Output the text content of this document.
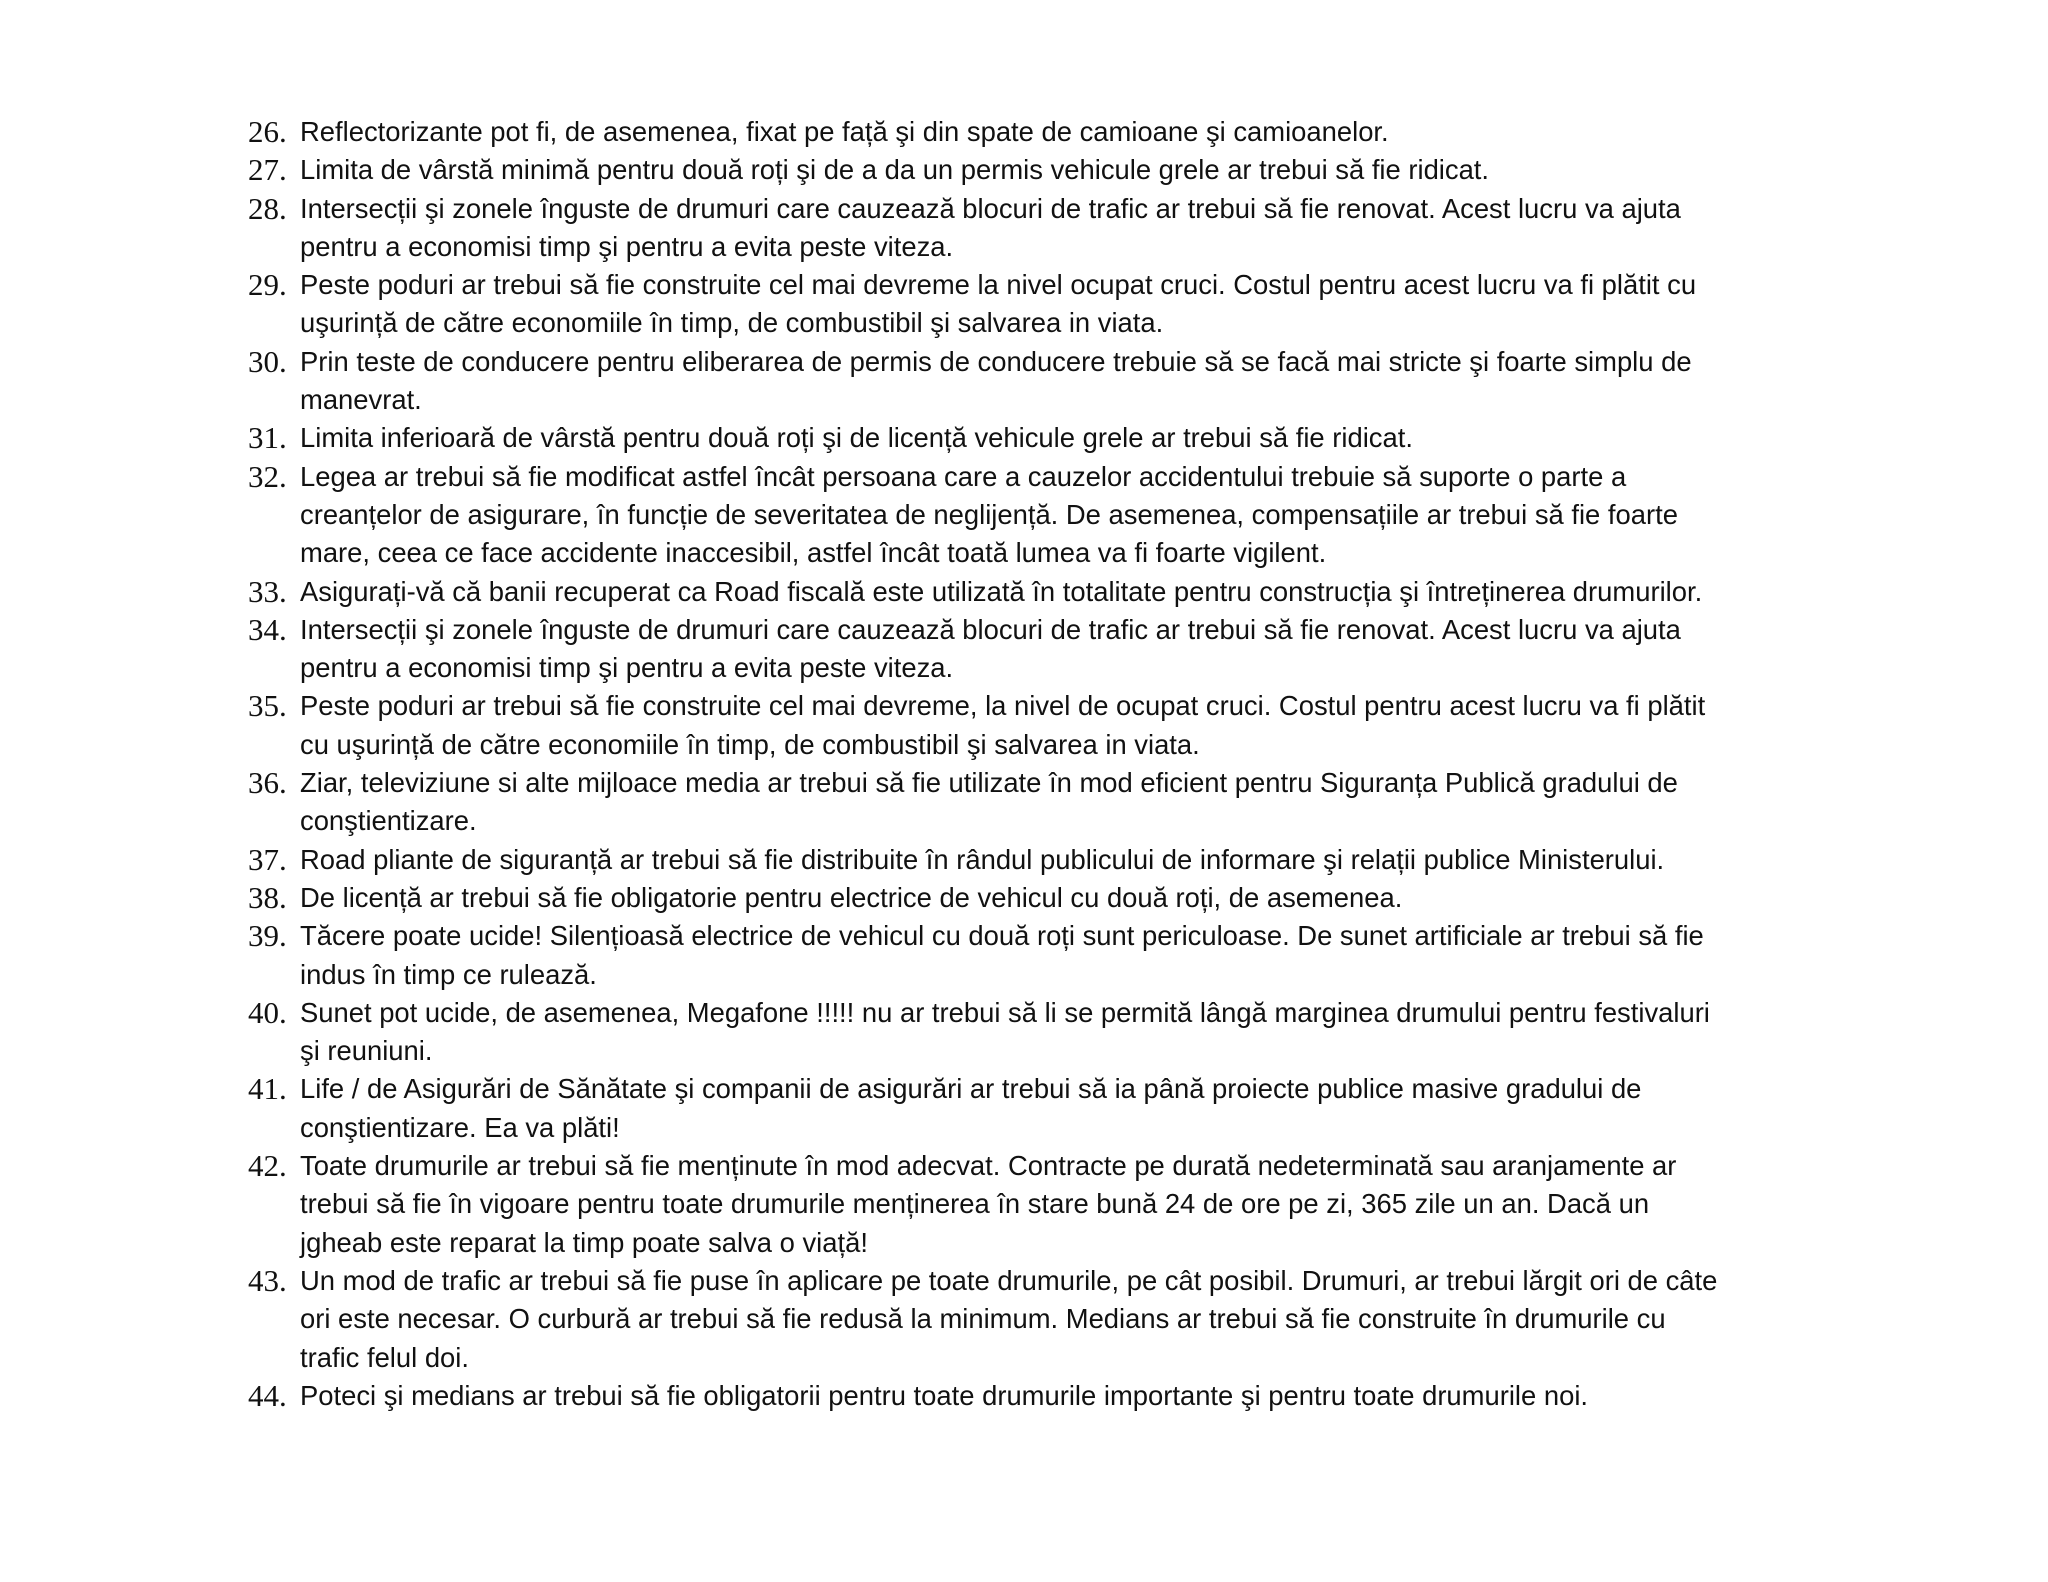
26. Reflectorizante pot fi, de asemenea, fixat pe față şi din spate de camioane şi camioanelor.
27. Limita de vârstă minimă pentru două roți şi de a da un permis vehicule grele ar trebui să fie ridicat.
28. Intersecții şi zonele înguste de drumuri care cauzează blocuri de trafic ar trebui să fie renovat. Acest lucru va ajuta
pentru a economisi timp şi pentru a evita peste viteza.
29. Peste poduri ar trebui să fie construite cel mai devreme la nivel ocupat cruci. Costul pentru acest lucru va fi plătit cu
uşurință de către economiile în timp, de combustibil şi salvarea in viata.
30. Prin teste de conducere pentru eliberarea de permis de conducere trebuie să se facă mai stricte şi foarte simplu de
manevrat.
31. Limita inferioară de vârstă pentru două roți şi de licență vehicule grele ar trebui să fie ridicat.
32. Legea ar trebui să fie modificat astfel încât persoana care a cauzelor accidentului trebuie să suporte o parte a
creanțelor de asigurare, în funcție de severitatea de neglijență. De asemenea, compensațiile ar trebui să fie foarte
mare, ceea ce face accidente inaccesibil, astfel încât toată lumea va fi foarte vigilent.
33. Asigurați-vă că banii recuperat ca Road fiscală este utilizată în totalitate pentru construcția şi întreținerea drumurilor.
34. Intersecții şi zonele înguste de drumuri care cauzează blocuri de trafic ar trebui să fie renovat. Acest lucru va ajuta
pentru a economisi timp şi pentru a evita peste viteza.
35. Peste poduri ar trebui să fie construite cel mai devreme, la nivel de ocupat cruci. Costul pentru acest lucru va fi plătit
cu uşurință de către economiile în timp, de combustibil şi salvarea in viata.
36. Ziar, televiziune si alte mijloace media ar trebui să fie utilizate în mod eficient pentru Siguranța Publică gradului de
conştientizare.
37. Road pliante de siguranță ar trebui să fie distribuite în rândul publicului de informare şi relații publice Ministerului.
38. De licență ar trebui să fie obligatorie pentru electrice de vehicul cu două roți, de asemenea.
39. Tăcere poate ucide! Silențioasă electrice de vehicul cu două roți sunt periculoase. De sunet artificiale ar trebui să fie
indus în timp ce rulează.
40. Sunet pot ucide, de asemenea, Megafone !!!!! nu ar trebui să li se permită lângă marginea drumului pentru festivaluri
şi reuniuni.
41. Life / de Asigurări de Sănătate şi companii de asigurări ar trebui să ia până proiecte publice masive gradului de
conştientizare. Ea va plăti!
42. Toate drumurile ar trebui să fie menținute în mod adecvat. Contracte pe durată nedeterminată sau aranjamente ar
trebui să fie în vigoare pentru toate drumurile menținerea în stare bună 24 de ore pe zi, 365 zile un an. Dacă un
jgheab este reparat la timp poate salva o viață!
43. Un mod de trafic ar trebui să fie puse în aplicare pe toate drumurile, pe cât posibil. Drumuri, ar trebui lărgit ori de câte
ori este necesar. O curbură ar trebui să fie redusă la minimum. Medians ar trebui să fie construite în drumurile cu
trafic felul doi.
44. Poteci şi medians ar trebui să fie obligatorii pentru toate drumurile importante şi pentru toate drumurile noi.
